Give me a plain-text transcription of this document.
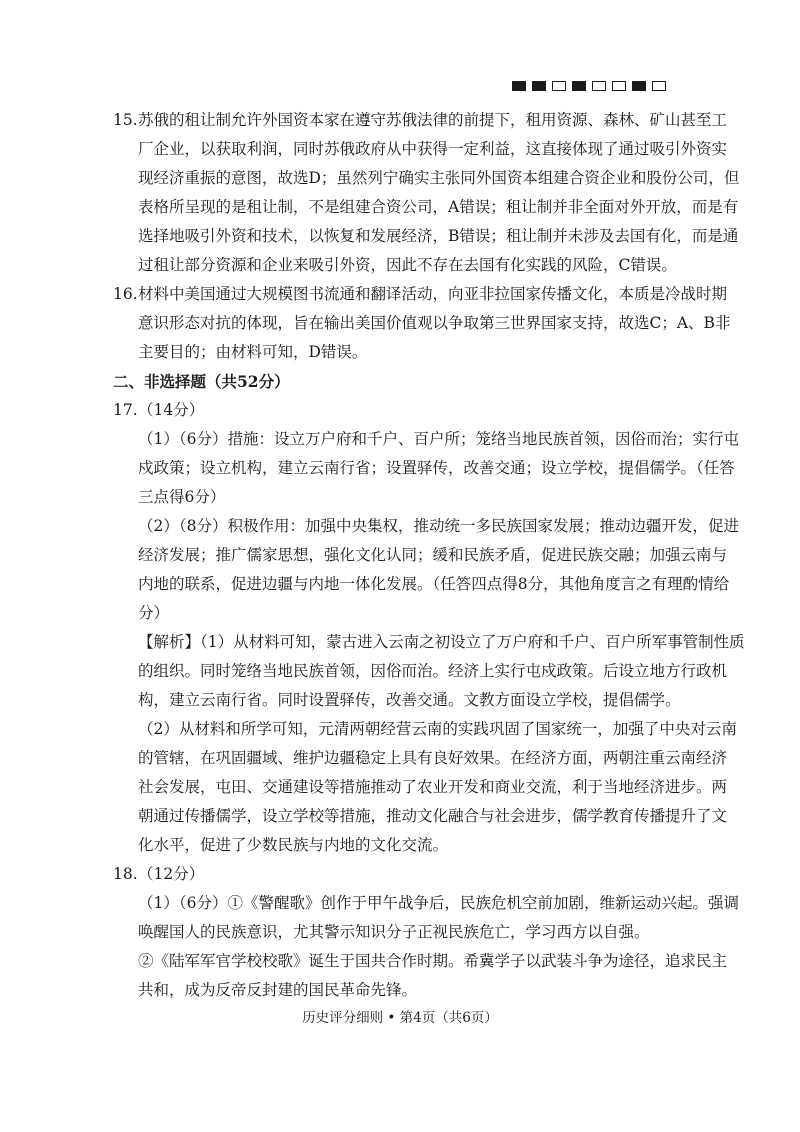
15.苏俄的租让制允许外国资本家在遵守苏俄法律的前提下，租用资源、森林、矿山甚至工
厂企业，以获取利润，同时苏俄政府从中获得一定利益，这直接体现了通过吸引外资实
现经济重振的意图，故选D；虽然列宁确实主张同外国资本组建合资企业和股份公司，但
表格所呈现的是租让制，不是组建合资公司，A错误；租让制并非全面对外开放，而是有
选择地吸引外资和技术，以恢复和发展经济，B错误；租让制并未涉及去国有化，而是通
过租让部分资源和企业来吸引外资，因此不存在去国有化实践的风险，C错误。
16.材料中美国通过大规模图书流通和翻译活动，向亚非拉国家传播文化，本质是冷战时期
意识形态对抗的体现，旨在输出美国价值观以争取第三世界国家支持，故选C；A、B非
主要目的；由材料可知，D错误。
二、非选择题（共52分）
17.（14分）
（1）（6分）措施：设立万户府和千户、百户所；笼络当地民族首领，因俗而治；实行屯
戍政策；设立机构，建立云南行省；设置驿传，改善交通；设立学校，提倡儒学。（任答
三点得6分）
（2）（8分）积极作用：加强中央集权，推动统一多民族国家发展；推动边疆开发，促进
经济发展；推广儒家思想，强化文化认同；缓和民族矛盾，促进民族交融；加强云南与
内地的联系，促进边疆与内地一体化发展。（任答四点得8分，其他角度言之有理酌情给
分）
【解析】（1）从材料可知，蒙古进入云南之初设立了万户府和千户、百户所军事管制性质
的组织。同时笼络当地民族首领，因俗而治。经济上实行屯戍政策。后设立地方行政机
构，建立云南行省。同时设置驿传，改善交通。文教方面设立学校，提倡儒学。
（2）从材料和所学可知，元清两朝经营云南的实践巩固了国家统一，加强了中央对云南
的管辖，在巩固疆域、维护边疆稳定上具有良好效果。在经济方面，两朝注重云南经济
社会发展，屯田、交通建设等措施推动了农业开发和商业交流，利于当地经济进步。两
朝通过传播儒学，设立学校等措施，推动文化融合与社会进步，儒学教育传播提升了文
化水平，促进了少数民族与内地的文化交流。
18.（12分）
（1）（6分）①《警醒歌》创作于甲午战争后，民族危机空前加剧，维新运动兴起。强调
唤醒国人的民族意识，尤其警示知识分子正视民族危亡，学习西方以自强。
②《陆军军官学校校歌》诞生于国共合作时期。希冀学子以武装斗争为途径，追求民主
共和，成为反帝反封建的国民革命先锋。
历史评分细则 • 第4页（共6页）
